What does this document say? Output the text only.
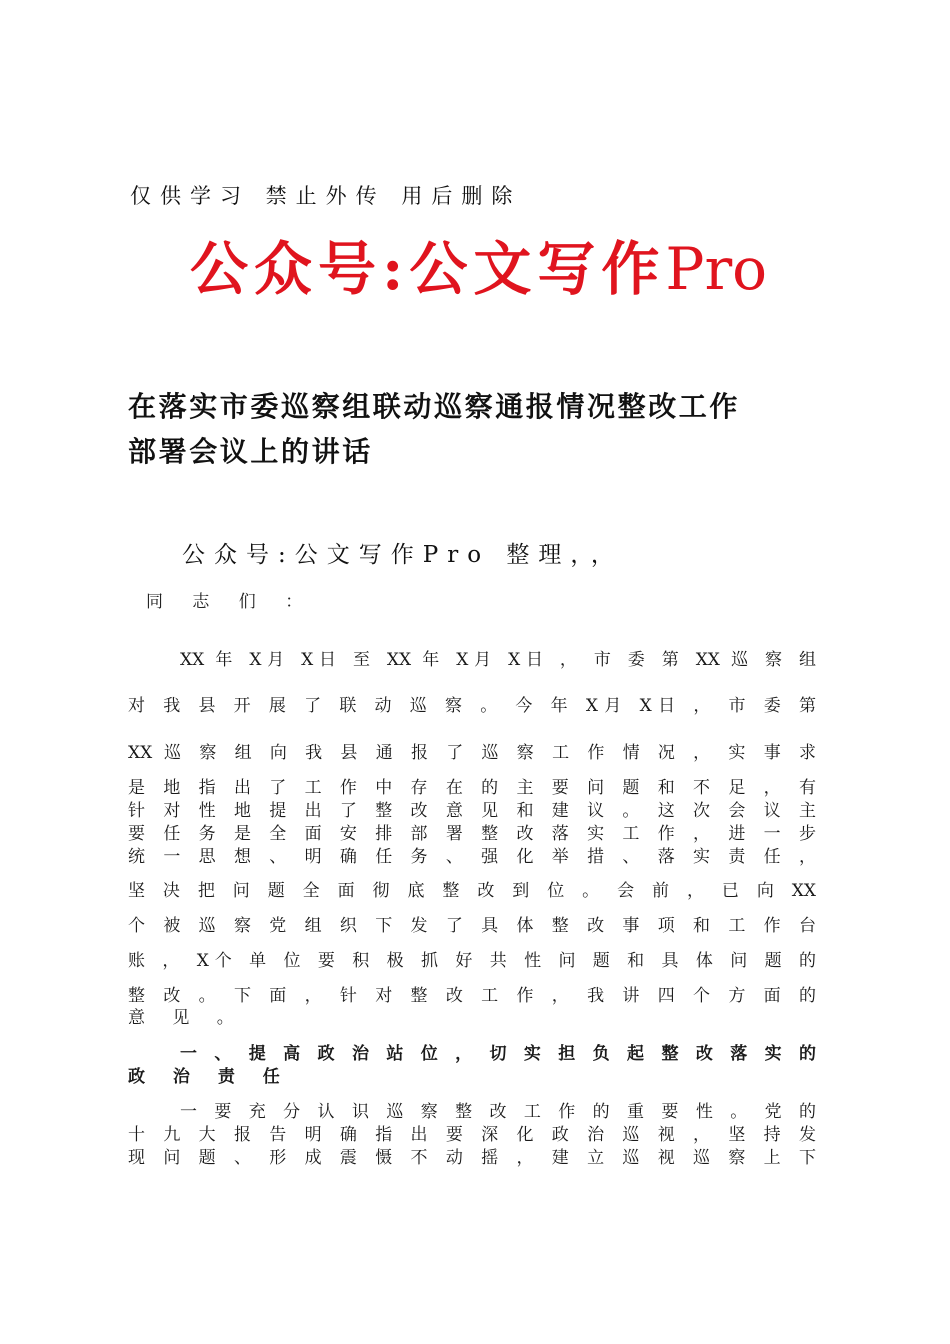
仅供学习 禁止外传 用后删除
公众号:公文写作Pro
在落实市委巡察组联动巡察通报情况整改工作
部署会议上的讲话
公众号:公文写作Pro 整理，，
同 志 们 ：
XX 年 X月 X日 至 XX 年 X月 X日 ， 市 委 第 XX 巡 察 组
对 我 县 开 展 了 联 动 巡 察 。 今 年 X月 X日 ， 市 委 第
XX 巡 察 组 向 我 县 通 报 了 巡 察 工 作 情 况 ， 实 事 求
是 地 指 出 了 工 作 中 存 在 的 主 要 问 题 和 不 足 ， 有
针 对 性 地 提 出 了 整 改 意 见 和 建 议 。 这 次 会 议 主
要 任 务 是 全 面 安 排 部 署 整 改 落 实 工 作 ， 进 一 步
统 一 思 想 、 明 确 任 务 、 强 化 举 措 、 落 实 责 任 ，
坚 决 把 问 题 全 面 彻 底 整 改 到 位 。 会 前 ， 已 向 XX
个 被 巡 察 党 组 织 下 发 了 具 体 整 改 事 项 和 工 作 台
账 ， X个 单 位 要 积 极 抓 好 共 性 问 题 和 具 体 问 题 的
整 改 。 下 面 ， 针 对 整 改 工 作 ， 我 讲 四 个 方 面 的
意 见 。
一 、 提 高 政 治 站 位 ， 切 实 担 负 起 整 改 落 实 的
政 治 责 任
一 要 充 分 认 识 巡 察 整 改 工 作 的 重 要 性 。 党 的
十 九 大 报 告 明 确 指 出 要 深 化 政 治 巡 视 ， 坚 持 发
现 问 题 、 形 成 震 慑 不 动 摇 ， 建 立 巡 视 巡 察 上 下
